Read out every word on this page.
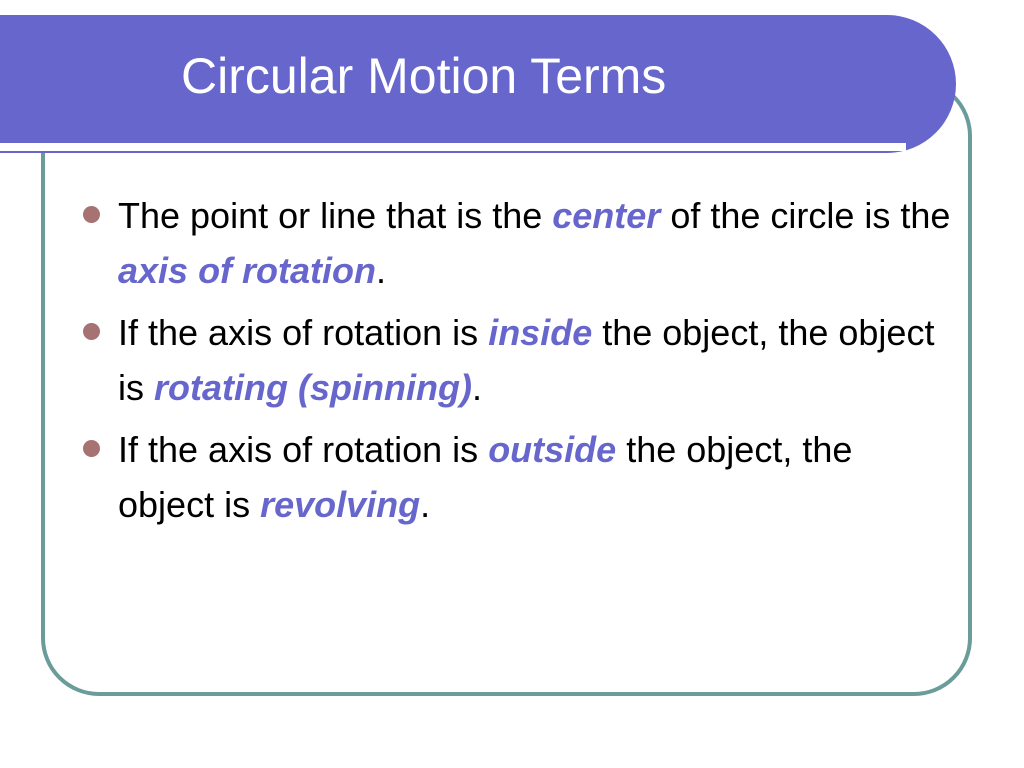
Circular Motion Terms
The point or line that is the center of the circle is the axis of rotation.
If the axis of rotation is inside the object, the object is rotating (spinning).
If the axis of rotation is outside the object, the object is revolving.
